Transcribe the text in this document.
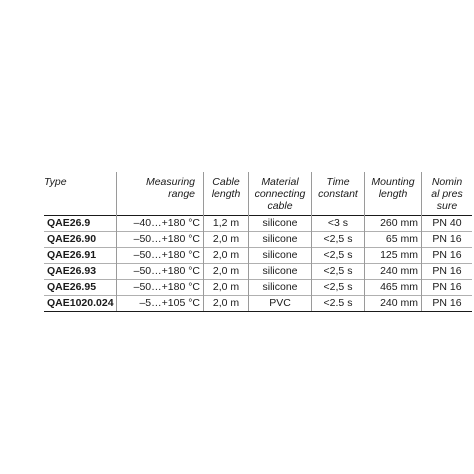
Type	Measuring range	Cable length	Material connecting cable	Time constant	Mounting length	Nominal pressure

QAE26.9	–40…+180 °C	1,2 m	silicone	<3 s	260 mm	PN 40
QAE26.90	–50…+180 °C	2,0 m	silicone	<2,5 s	65 mm	PN 16
QAE26.91	–50…+180 °C	2,0 m	silicone	<2,5 s	125 mm	PN 16
QAE26.93	–50…+180 °C	2,0 m	silicone	<2,5 s	240 mm	PN 16
QAE26.95	–50…+180 °C	2,0 m	silicone	<2,5 s	465 mm	PN 16
QAE1020.024	–5…+105 °C	2,0 m	PVC	<2.5 s	240 mm	PN 16
